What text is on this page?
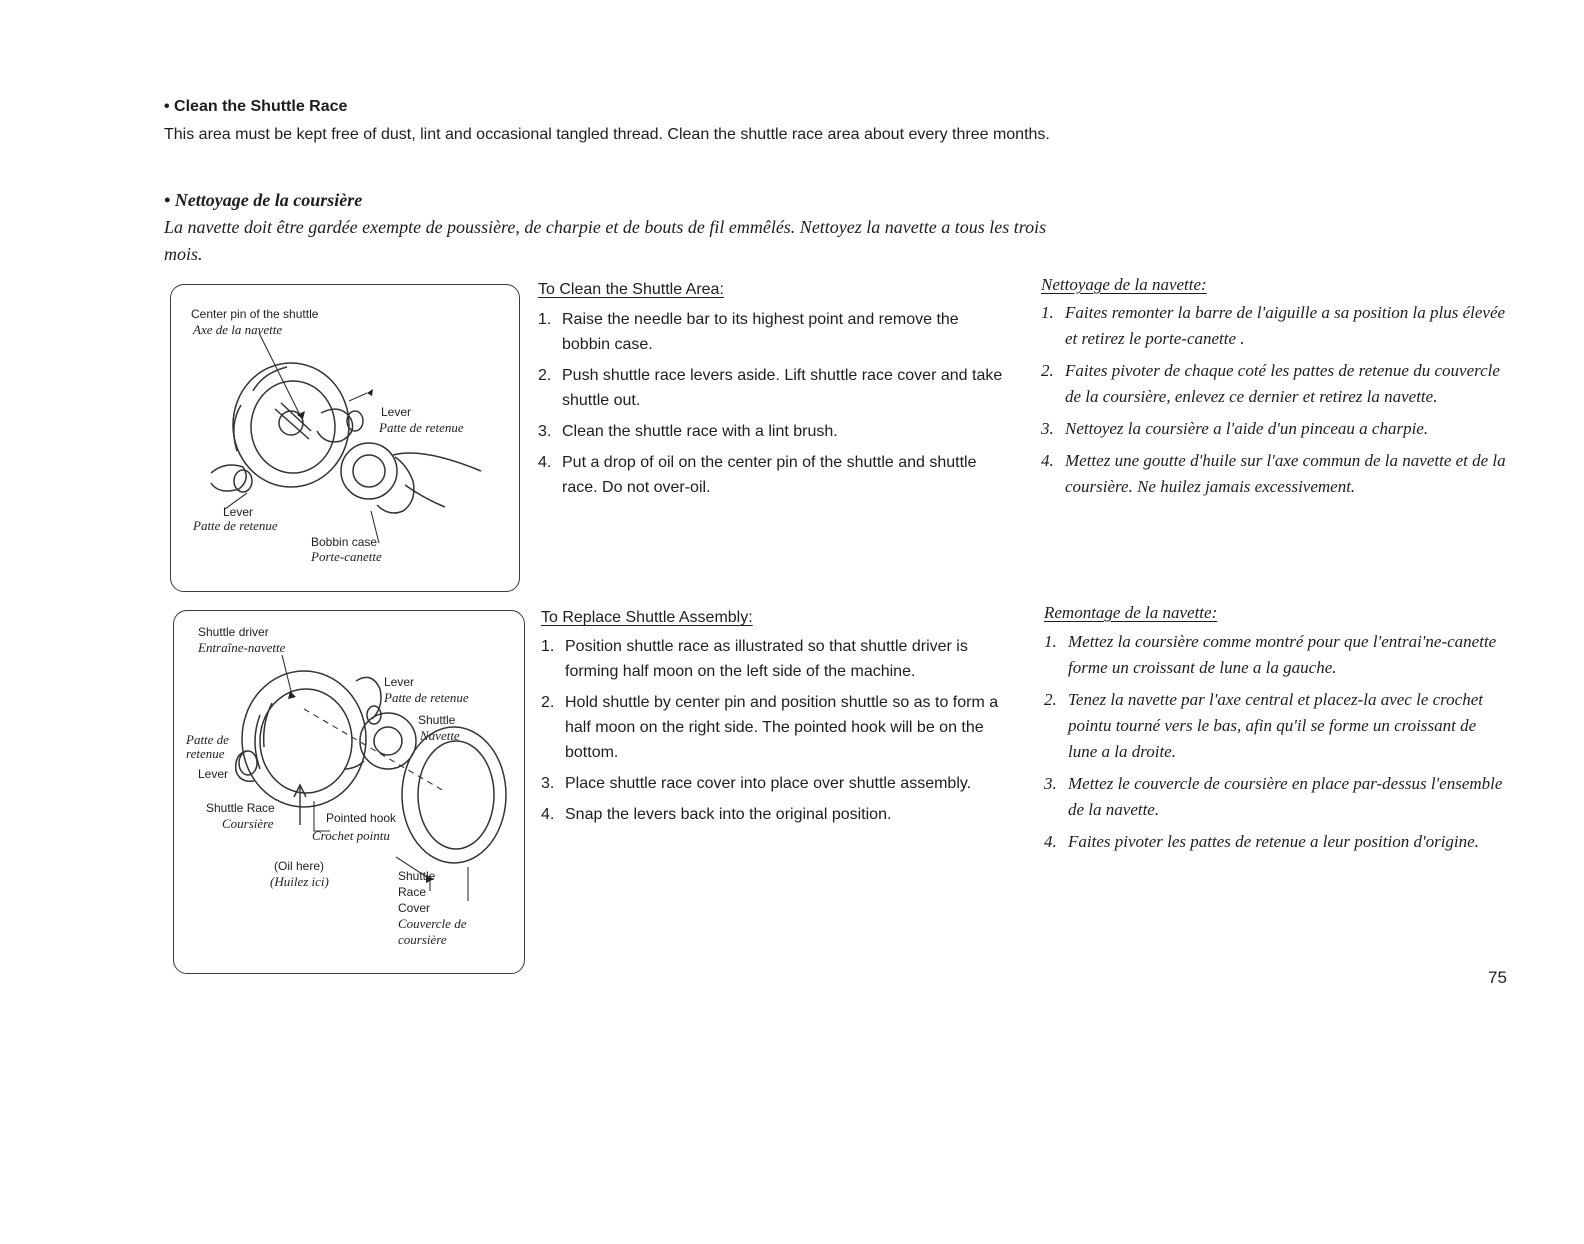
• Clean the Shuttle Race
This area must be kept free of dust, lint and occasional tangled thread. Clean the shuttle race area about every three months.
• Nettoyage de la coursière
La navette doit être gardée exempte de poussière, de charpie et de bouts de fil emmêlés. Nettoyez la navette a tous les trois mois.
Center pin of the shuttle
Axe de la navette
Lever
Patte de retenue
Lever
Patte de retenue
Bobbin case
Porte-canette
Shuttle driver
Entraîne-navette
Lever
Patte de retenue
Shuttle
Navette
Patte de retenue
Lever
Shuttle Race
Coursière	Pointed hook
Crochet pointu
(Oil here)
(Huilez ici)	Shuttle
Race
Cover
Couvercle de
coursière
To Clean the Shuttle Area:
1. Raise the needle bar to its highest point and remove the bobbin case.
2. Push shuttle race levers aside. Lift shuttle race cover and take shuttle out.
3. Clean the shuttle race with a lint brush.
4. Put a drop of oil on the center pin of the shuttle and shuttle race. Do not over-oil.
Nettoyage de la navette:
1. Faites remonter la barre de l'aiguille a sa position la plus élevée et retirez le porte-canette .
2. Faites pivoter de chaque coté les pattes de retenue du couvercle de la coursière, enlevez ce dernier et retirez la navette.
3. Nettoyez la coursière a l'aide d'un pinceau a charpie.
4. Mettez une goutte d'huile sur l'axe commun de la navette et de la coursière. Ne huilez jamais excessivement.
To Replace Shuttle Assembly:
1. Position shuttle race as illustrated so that shuttle driver is forming half moon on the left side of the machine.
2. Hold shuttle by center pin and position shuttle so as to form a half moon on the right side. The pointed hook will be on the bottom.
3. Place shuttle race cover into place over shuttle assembly.
4. Snap the levers back into the original position.
Remontage de la navette:
1. Mettez la coursière comme montré pour que l'entrai'ne-canette forme un croissant de lune a la gauche.
2. Tenez la navette par l'axe central et placez-la avec le crochet pointu tourné vers le bas, afin qu'il se forme un croissant de lune a la droite.
3. Mettez le couvercle de coursière en place par-dessus l'ensemble de la navette.
4. Faites pivoter les pattes de retenue a leur position d'origine.
75
